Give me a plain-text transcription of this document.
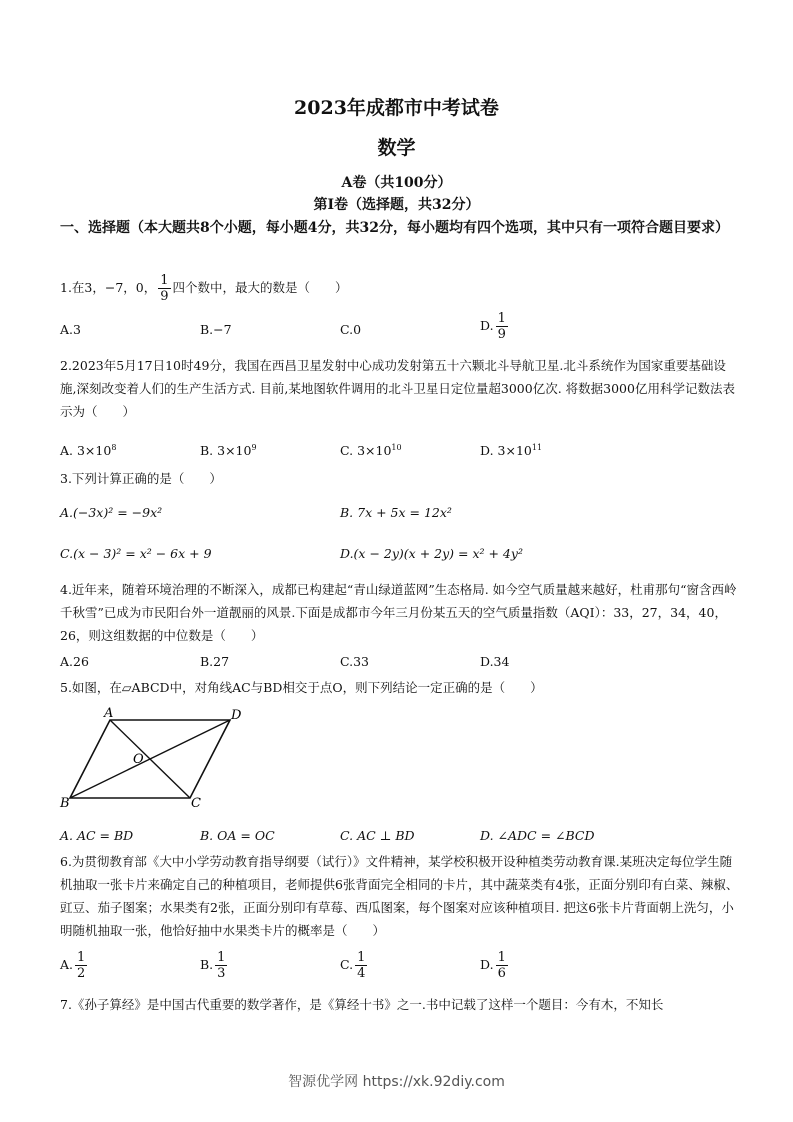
2023年成都市中考试卷
数学
A卷（共100分）
第Ⅰ卷（选择题，共32分）
一、选择题（本大题共8个小题，每小题4分，共32分，每小题均有四个选项，其中只有一项符合题目要求）
1.在3，−7，0， $\frac{1}{9}$ 四个数中，最大的数是（　　）
A.3	B.−7	C.0	D. $\frac{1}{9}$
2.2023年5月17日10时49分，我国在西昌卫星发射中心成功发射第五十六颗北斗导航卫星.北斗系统作为国家重要基础设施,深刻改变着人们的生产生活方式. 目前,某地图软件调用的北斗卫星日定位量超3000亿次. 将数据3000亿用科学记数法表示为（　　）
A. $3\times 10^8$	B. $3\times 10^9$	C. $3\times 10^{10}$	D. $3\times 10^{11}$
3.下列计算正确的是（　　）
A.(−3x)² = −9x²	B. 7x + 5x = 12x²
C.(x − 3)² = x² − 6x + 9	D.(x − 2y)(x + 2y) = x² + 4y²
4.近年来，随着环境治理的不断深入，成都已构建起“青山绿道蓝网”生态格局. 如今空气质量越来越好，杜甫那句“窗含西岭千秋雪”已成为市民阳台外一道靓丽的风景.下面是成都市今年三月份某五天的空气质量指数（AQI）：33，27，34，40，26，则这组数据的中位数是（　　）
A.26	B.27	C.33	D.34
5.如图，在▱ABCD中，对角线AC与BD相交于点O，则下列结论一定正确的是（　　）
A	D
B	C
O
A. AC = BD	B. OA = OC	C. AC ⊥ BD	D. ∠ADC = ∠BCD
6.为贯彻教育部《大中小学劳动教育指导纲要（试行）》文件精神，某学校积极开设种植类劳动教育课.某班决定每位学生随机抽取一张卡片来确定自己的种植项目，老师提供6张背面完全相同的卡片，其中蔬菜类有4张，正面分别印有白菜、辣椒、豇豆、茄子图案；水果类有2张，正面分别印有草莓、西瓜图案，每个图案对应该种植项目. 把这6张卡片背面朝上洗匀，小明随机抽取一张，他恰好抽中水果类卡片的概率是（　　）
A. $\frac{1}{2}$	B. $\frac{1}{3}$	C. $\frac{1}{4}$	D. $\frac{1}{6}$
7.《孙子算经》是中国古代重要的数学著作，是《算经十书》之一.书中记载了这样一个题目：今有木，不知长
智源优学网 https://xk.92diy.com
